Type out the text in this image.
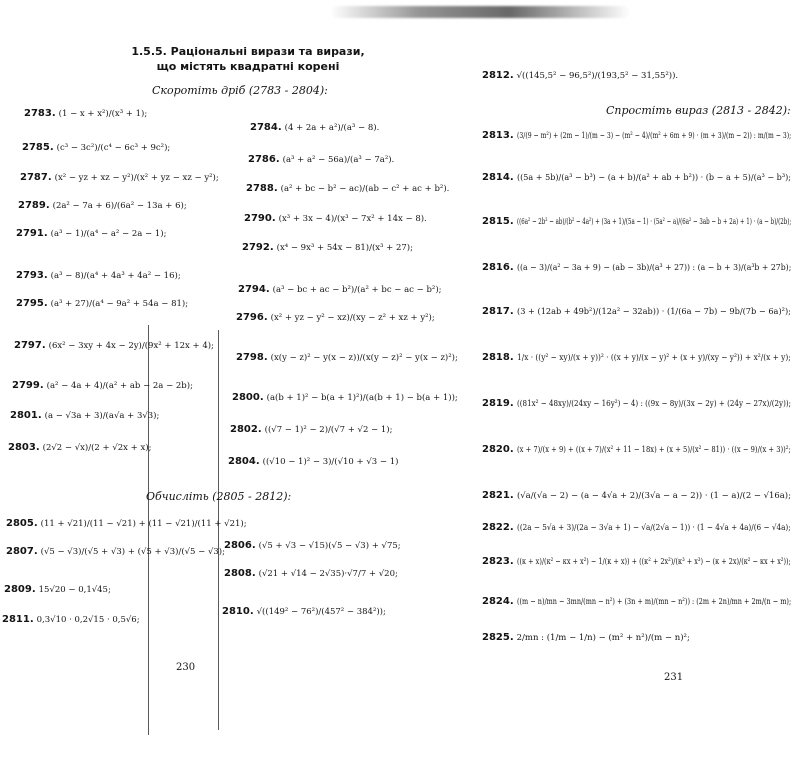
1.5.5. Раціональні вирази та вирази,
що містять квадратні корені
Скоротіть дріб (2783 - 2804):
2783. (1 − x + x²)/(x³ + 1);
2784. (4 + 2a + a²)/(a³ − 8).
2785. (c³ − 3c²)/(c⁴ − 6c³ + 9c²);
2786. (a³ + a² − 56a)/(a³ − 7a²).
2787. (x² − yz + xz − y²)/(x² + yz − xz − y²);
2788. (a² + bc − b² − ac)/(ab − c² + ac + b²).
2789. (2a² − 7a + 6)/(6a² − 13a + 6);
2790. (x³ + 3x − 4)/(x³ − 7x² + 14x − 8).
2791. (a³ − 1)/(a⁴ − a² − 2a − 1);
2792. (x⁴ − 9x³ + 54x − 81)/(x³ + 27);
2793. (a³ − 8)/(a⁴ + 4a³ + 4a² − 16);
2794. (a³ − bc + ac − b²)/(a² + bc − ac − b²);
2795. (a³ + 27)/(a⁴ − 9a² + 54a − 81);
2796. (x² + yz − y² − xz)/(xy − z² + xz + y²);
2797. (6x² − 3xy + 4x − 2y)/(9x² + 12x + 4);
2798. (x(y − z)² − y(x − z))/(x(y − z)² − y(x − z)²);
2799. (a² − 4a + 4)/(a² + ab − 2a − 2b);
2800. (a(b + 1)² − b(a + 1)²)/(a(b + 1) − b(a + 1));
2801. (a − √3a + 3)/(a√a + 3√3);
2802. ((√7 − 1)² − 2)/(√7 + √2 − 1);
2803. (2√2 − √x)/(2 + √2x + x);
2804. ((√10 − 1)² − 3)/(√10 + √3 − 1)
Обчисліть (2805 - 2812):
2805. (11 + √21)/(11 − √21) + (11 − √21)/(11 + √21);
2806. (√5 + √3 − √15)(√5 − √3) + √75;
2807. (√5 − √3)/(√5 + √3) + (√5 + √3)/(√5 − √3);
2808. (√21 + √14 − 2√35)·√7/7 + √20;
2809. 15√20 − 0,1√45;
2810. √((149² − 76²)/(457² − 384²));
2811. 0,3√10 · 0,2√15 · 0,5√6;
230
2812. √((145,5² − 96,5²)/(193,5² − 31,55²)).
Спростіть вираз (2813 - 2842):
2813. (3/(9 − m²) + (2m − 1)/(m − 3) − (m² − 4)/(m² + 6m + 9) · (m + 3)/(m − 2)) : m/(m − 3);
2814. ((5a + 5b)/(a³ − b³) − (a + b)/(a² + ab + b²)) · (b − a + 5)/(a³ − b³);
2815. ((6a² − 2b² − ab)/(b² − 4a²) + (3a + 1)/(5a − 1) · (5a² − a)/(6a² − 3ab − b + 2a) + 1) · (a − b)/(2b);
2816. ((a − 3)/(a² − 3a + 9) − (ab − 3b)/(a³ + 27)) : (a − b + 3)/(a³b + 27b);
2817. (3 + (12ab + 49b²)/(12a² − 32ab)) · (1/(6a − 7b) − 9b/(7b − 6a)²);
2818. 1/x · ((y² − xy)/(x + y))² · ((x + y)/(x − y)² + (x + y)/(xy − y²)) + x²/(x + y);
2819. ((81x² − 48xy)/(24xy − 16y²) − 4) : ((9x − 8y)/(3x − 2y) + (24y − 27x)/(2y));
2820. (x + 7)/(x + 9) + ((x + 7)/(x² + 11 − 18x) + (x + 5)/(x² − 81)) · ((x − 9)/(x + 3))²;
2821. (√a/(√a − 2) − (a − 4√a + 2)/(3√a − a − 2)) · (1 − a)/(2 − √16a);
2822. ((2a − 5√a + 3)/(2a − 3√a + 1) − √a/(2√a − 1)) · (1 − 4√a + 4a)/(6 − √4a);
2823. ((κ + x)/(κ² − κx + x²) − 1/(κ + x)) + ((κ² + 2x²)/(κ³ + x³) − (κ + 2x)/(κ² − κx + x²));
2824. ((m − n)/mn − 3mn/(mn − n²) + (3n + m)/(mn − n²)) : (2m + 2n)/mn + 2m/(n − m);
2825. 2/mn : (1/m − 1/n) − (m² + n²)/(m − n)²;
231
